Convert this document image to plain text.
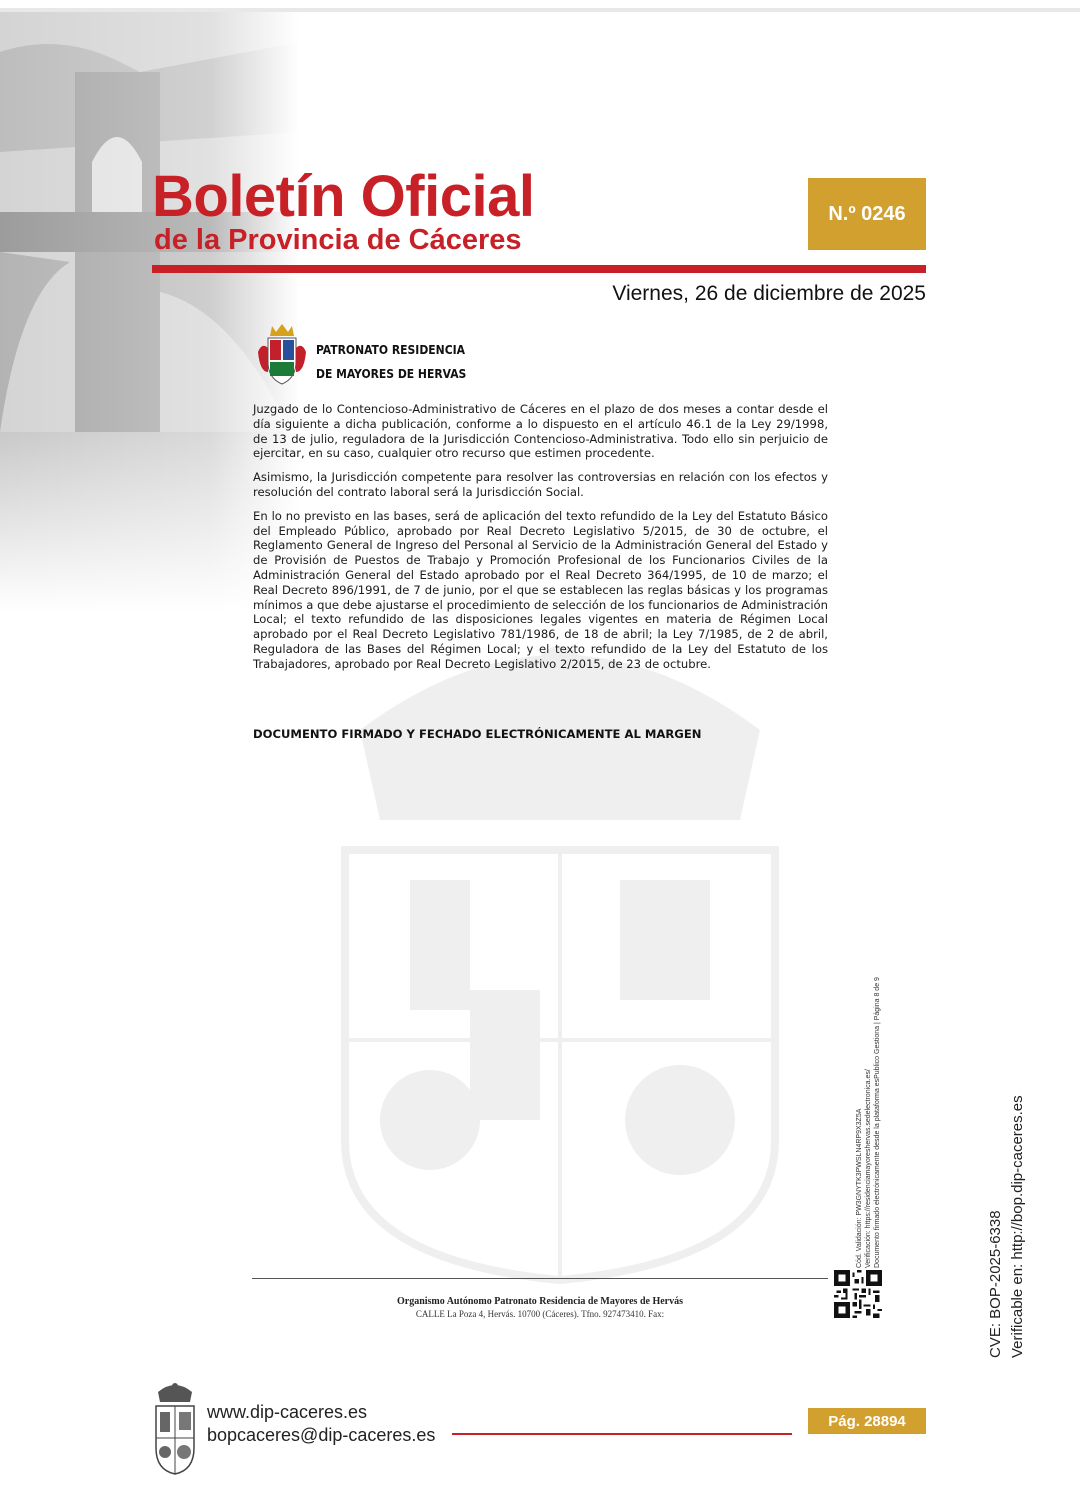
Boletín Oficial
de la Provincia de Cáceres
N.º 0246
Viernes, 26 de diciembre de 2025
PATRONATO RESIDENCIA
DE MAYORES DE HERVAS

Juzgado de lo Contencioso-Administrativo de Cáceres en el plazo de dos meses a contar desde el día siguiente a dicha publicación, conforme a lo dispuesto en el artículo 46.1 de la Ley 29/1998, de 13 de julio, reguladora de la Jurisdicción Contencioso-Administrativa. Todo ello sin perjuicio de ejercitar, en su caso, cualquier otro recurso que estimen procedente.

Asimismo, la Jurisdicción competente para resolver las controversias en relación con los efectos y resolución del contrato laboral será la Jurisdicción Social.

En lo no previsto en las bases, será de aplicación del texto refundido de la Ley del Estatuto Básico del Empleado Público, aprobado por Real Decreto Legislativo 5/2015, de 30 de octubre, el Reglamento General de Ingreso del Personal al Servicio de la Administración General del Estado y de Provisión de Puestos de Trabajo y Promoción Profesional de los Funcionarios Civiles de la Administración General del Estado aprobado por el Real Decreto 364/1995, de 10 de marzo; el Real Decreto 896/1991, de 7 de junio, por el que se establecen las reglas básicas y los programas mínimos a que debe ajustarse el procedimiento de selección de los funcionarios de Administración Local; el texto refundido de las disposiciones legales vigentes en materia de Régimen Local aprobado por el Real Decreto Legislativo 781/1986, de 18 de abril; la Ley 7/1985, de 2 de abril, Reguladora de las Bases del Régimen Local; y el texto refundido de la Ley del Estatuto de los Trabajadores, aprobado por Real Decreto Legislativo 2/2015, de 23 de octubre.

DOCUMENTO FIRMADO Y FECHADO ELECTRÓNICAMENTE AL MARGEN
Organismo Autónomo Patronato Residencia de Mayores de Hervás
CALLE La Poza 4, Hervás. 10700 (Cáceres). Tfno. 927473410. Fax:
Cód. Validación: PW3GNYTK3PWSLN4RP9X3Z5A Verificación: https://residenciamayoreshervas.sedelectronica.es/ Documento firmado electrónicamente desde la plataforma esPublico Gestiona | Página 8 de 9
CVE: BOP-2025-6338 Verificable en: http://bop.dip-caceres.es
www.dip-caceres.es
bopcaceres@dip-caceres.es
Pág. 28894
